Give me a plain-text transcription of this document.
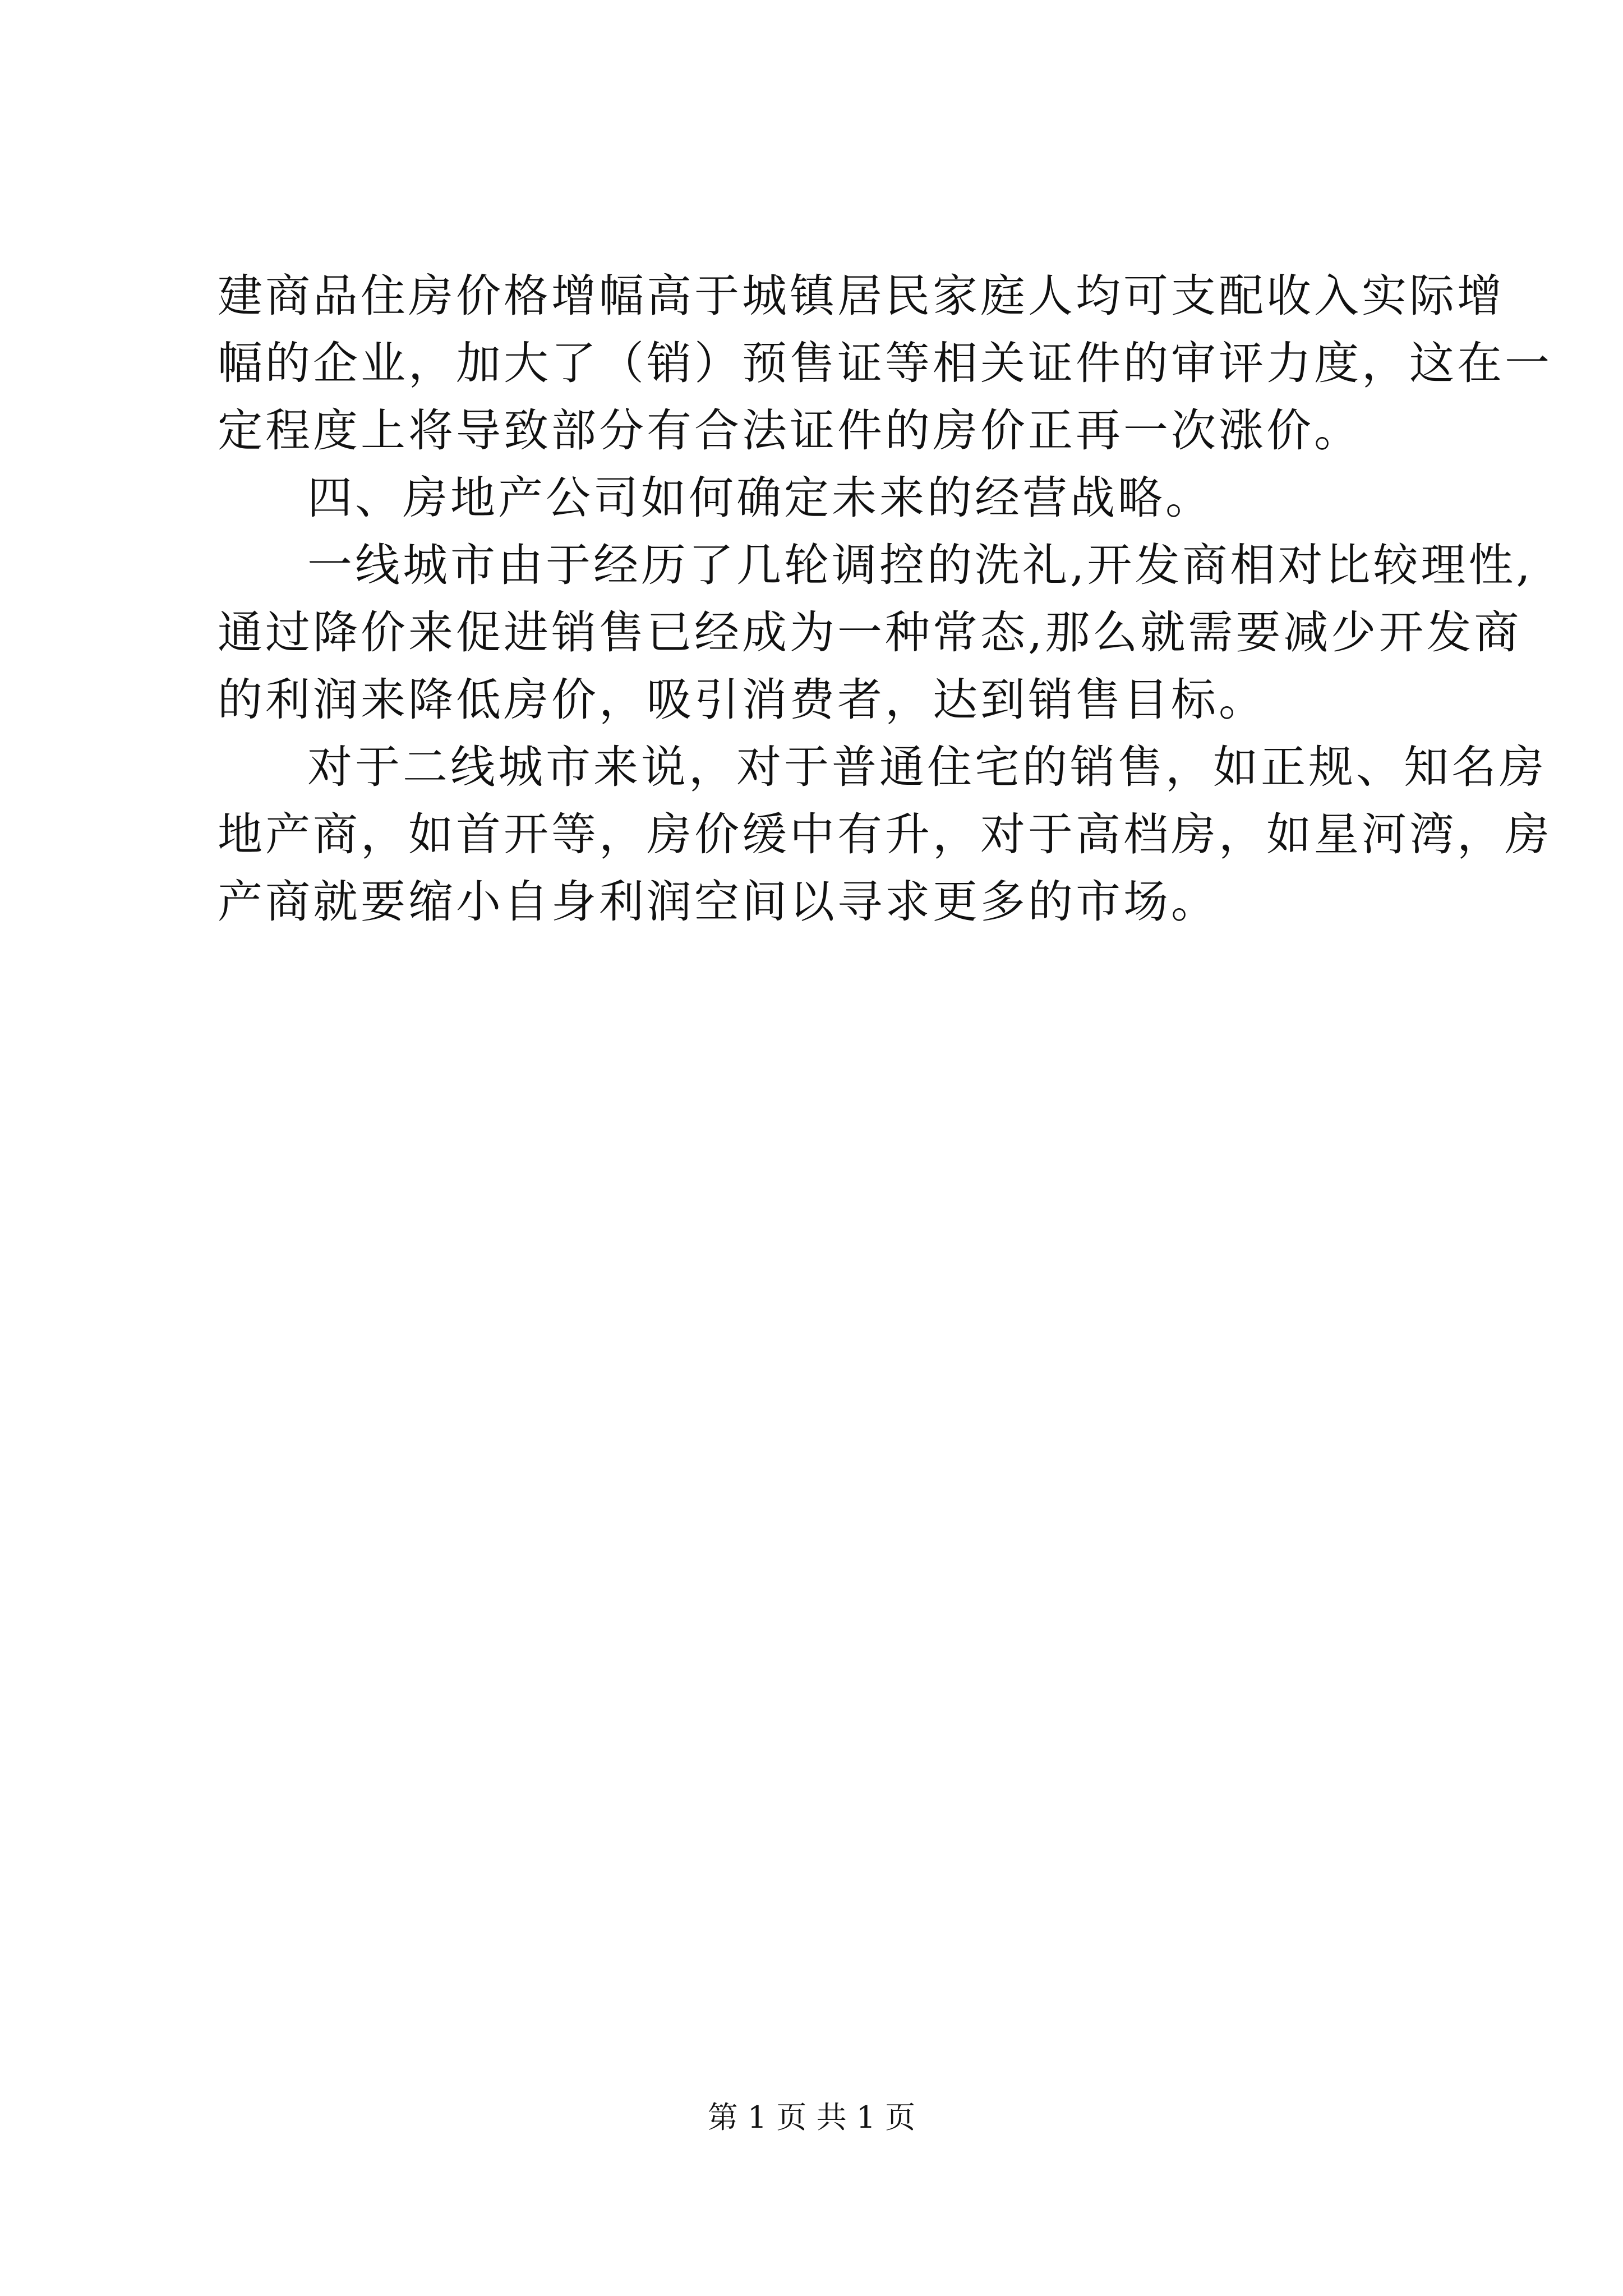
建商品住房价格增幅高于城镇居民家庭人均可支配收入实际增
幅的企业，加大了（销）预售证等相关证件的审评力度，这在一
定程度上将导致部分有合法证件的房价正再一次涨价。
四、房地产公司如何确定未来的经营战略。
一线城市由于经历了几轮调控的洗礼,开发商相对比较理性,
通过降价来促进销售已经成为一种常态,那么就需要减少开发商
的利润来降低房价，吸引消费者，达到销售目标。
对于二线城市来说，对于普通住宅的销售，如正规、知名房
地产商，如首开等，房价缓中有升，对于高档房，如星河湾，房
产商就要缩小自身利润空间以寻求更多的市场。
第 1 页 共 1 页
